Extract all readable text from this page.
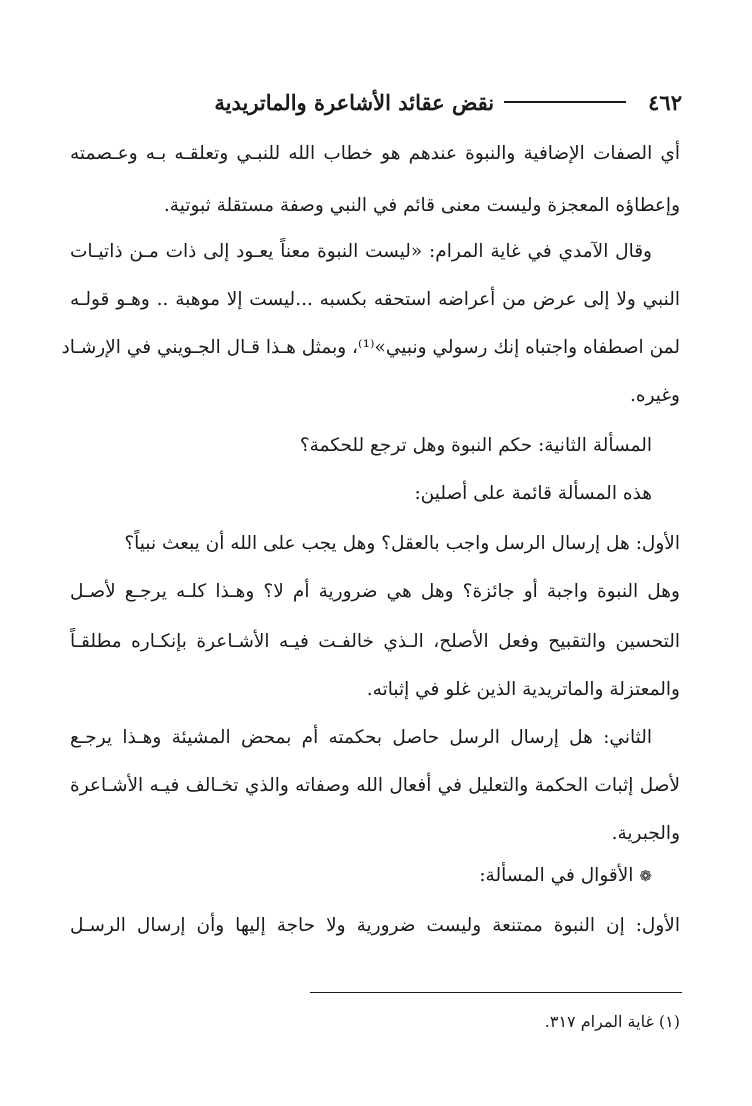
٤٦٢
نقض عقائد الأشاعرة والماتريدية
أي الصفات الإضافية والنبوة عندهم هو خطاب الله للنبـي وتعلقـه بـه وعـصمته
وإعطاؤه المعجزة وليست معنى قائم في النبي وصفة مستقلة ثبوتية.
وقال الآمدي في غاية المرام: «ليست النبوة معناً يعـود إلى ذات مـن ذاتيـات
النبي ولا إلى عرض من أعراضه استحقه بكسبه ...ليست إلا موهبة .. وهـو قولـه
لمن اصطفاه واجتباه إنك رسولي ونبيي»⁽¹⁾، وبمثل هـذا قـال الجـويني في الإرشـاد
وغيره.
المسألة الثانية: حكم النبوة وهل ترجع للحكمة؟
هذه المسألة قائمة على أصلين:
الأول: هل إرسال الرسل واجب بالعقل؟ وهل يجب على الله أن يبعث نبياً؟
وهل النبوة واجبة أو جائزة؟ وهل هي ضرورية أم لا؟ وهـذا كلـه يرجـع لأصـل
التحسين والتقبيح وفعل الأصلح، الـذي خالفـت فيـه الأشـاعرة بإنكـاره مطلقـاً
والمعتزلة والماتريدية الذين غلو في إثباته.
الثاني: هل إرسال الرسل حاصل بحكمته أم بمحض المشيئة وهـذا يرجـع
لأصل إثبات الحكمة والتعليل في أفعال الله وصفاته والذي تخـالف فيـه الأشـاعرة
والجبرية.
❁الأقوال في المسألة:
الأول: إن النبوة ممتنعة وليست ضرورية ولا حاجة إليها وأن إرسال الرسـل
(١) غاية المرام ٣١٧.
